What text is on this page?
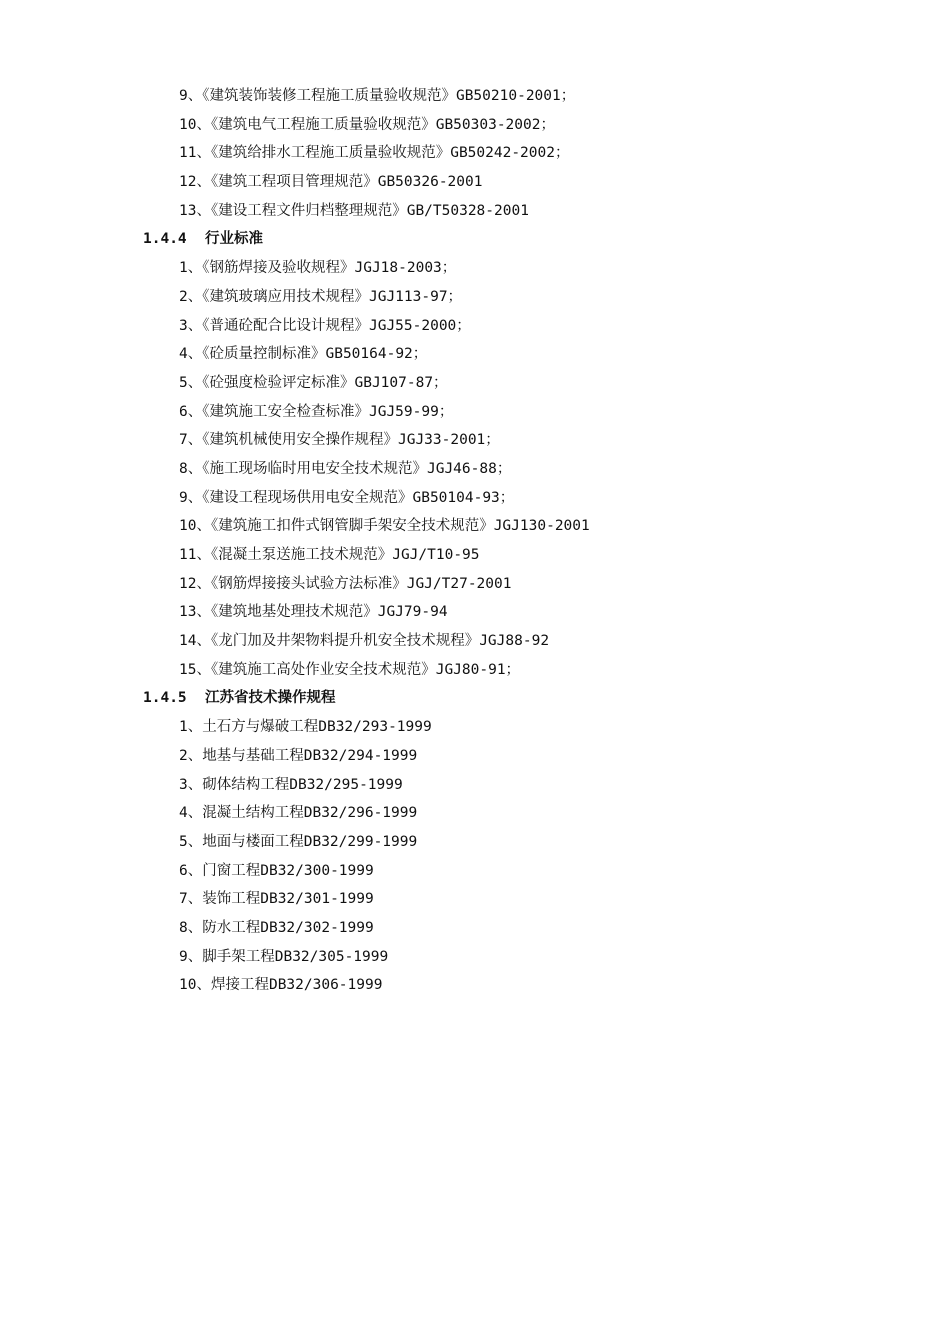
9、《建筑装饰装修工程施工质量验收规范》GB50210-2001；
10、《建筑电气工程施工质量验收规范》GB50303-2002；
11、《建筑给排水工程施工质量验收规范》GB50242-2002；
12、《建筑工程项目管理规范》GB50326-2001
13、《建设工程文件归档整理规范》GB/T50328-2001
1.4.4 行业标准
1、《钢筋焊接及验收规程》JGJ18-2003；
2、《建筑玻璃应用技术规程》JGJ113-97；
3、《普通砼配合比设计规程》JGJ55-2000；
4、《砼质量控制标准》GB50164-92；
5、《砼强度检验评定标准》GBJ107-87；
6、《建筑施工安全检查标准》JGJ59-99；
7、《建筑机械使用安全操作规程》JGJ33-2001；
8、《施工现场临时用电安全技术规范》JGJ46-88；
9、《建设工程现场供用电安全规范》GB50104-93；
10、《建筑施工扣件式钢管脚手架安全技术规范》JGJ130-2001
11、《混凝土泵送施工技术规范》JGJ/T10-95
12、《钢筋焊接接头试验方法标准》JGJ/T27-2001
13、《建筑地基处理技术规范》JGJ79-94
14、《龙门加及井架物料提升机安全技术规程》JGJ88-92
15、《建筑施工高处作业安全技术规范》JGJ80-91；
1.4.5 江苏省技术操作规程
1、土石方与爆破工程DB32/293-1999
2、地基与基础工程DB32/294-1999
3、砌体结构工程DB32/295-1999
4、混凝土结构工程DB32/296-1999
5、地面与楼面工程DB32/299-1999
6、门窗工程DB32/300-1999
7、装饰工程DB32/301-1999
8、防水工程DB32/302-1999
9、脚手架工程DB32/305-1999
10、焊接工程DB32/306-1999
